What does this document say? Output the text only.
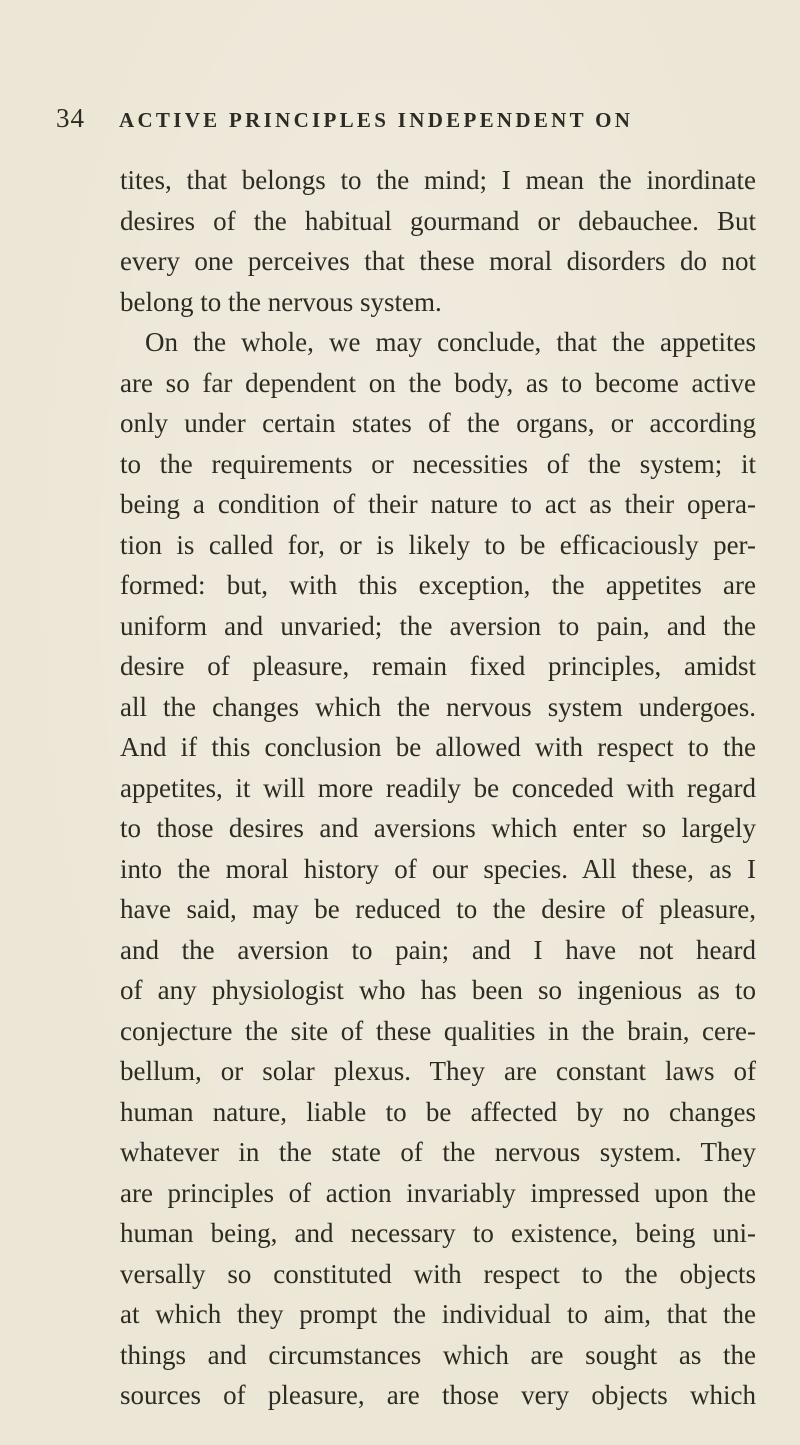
34	ACTIVE PRINCIPLES INDEPENDENT ON
tites, that belongs to the mind; I mean the inordinate
desires of the habitual gourmand or debauchee. But
every one perceives that these moral disorders do not
belong to the nervous system.
On the whole, we may conclude, that the appetites
are so far dependent on the body, as to become active
only under certain states of the organs, or according
to the requirements or necessities of the system; it
being a condition of their nature to act as their opera-
tion is called for, or is likely to be efficaciously per-
formed: but, with this exception, the appetites are
uniform and unvaried; the aversion to pain, and the
desire of pleasure, remain fixed principles, amidst
all the changes which the nervous system undergoes.
And if this conclusion be allowed with respect to the
appetites, it will more readily be conceded with regard
to those desires and aversions which enter so largely
into the moral history of our species. All these, as I
have said, may be reduced to the desire of pleasure,
and the aversion to pain; and I have not heard
of any physiologist who has been so ingenious as to
conjecture the site of these qualities in the brain, cere-
bellum, or solar plexus. They are constant laws of
human nature, liable to be affected by no changes
whatever in the state of the nervous system. They
are principles of action invariably impressed upon the
human being, and necessary to existence, being uni-
versally so constituted with respect to the objects
at which they prompt the individual to aim, that the
things and circumstances which are sought as the
sources of pleasure, are those very objects which
